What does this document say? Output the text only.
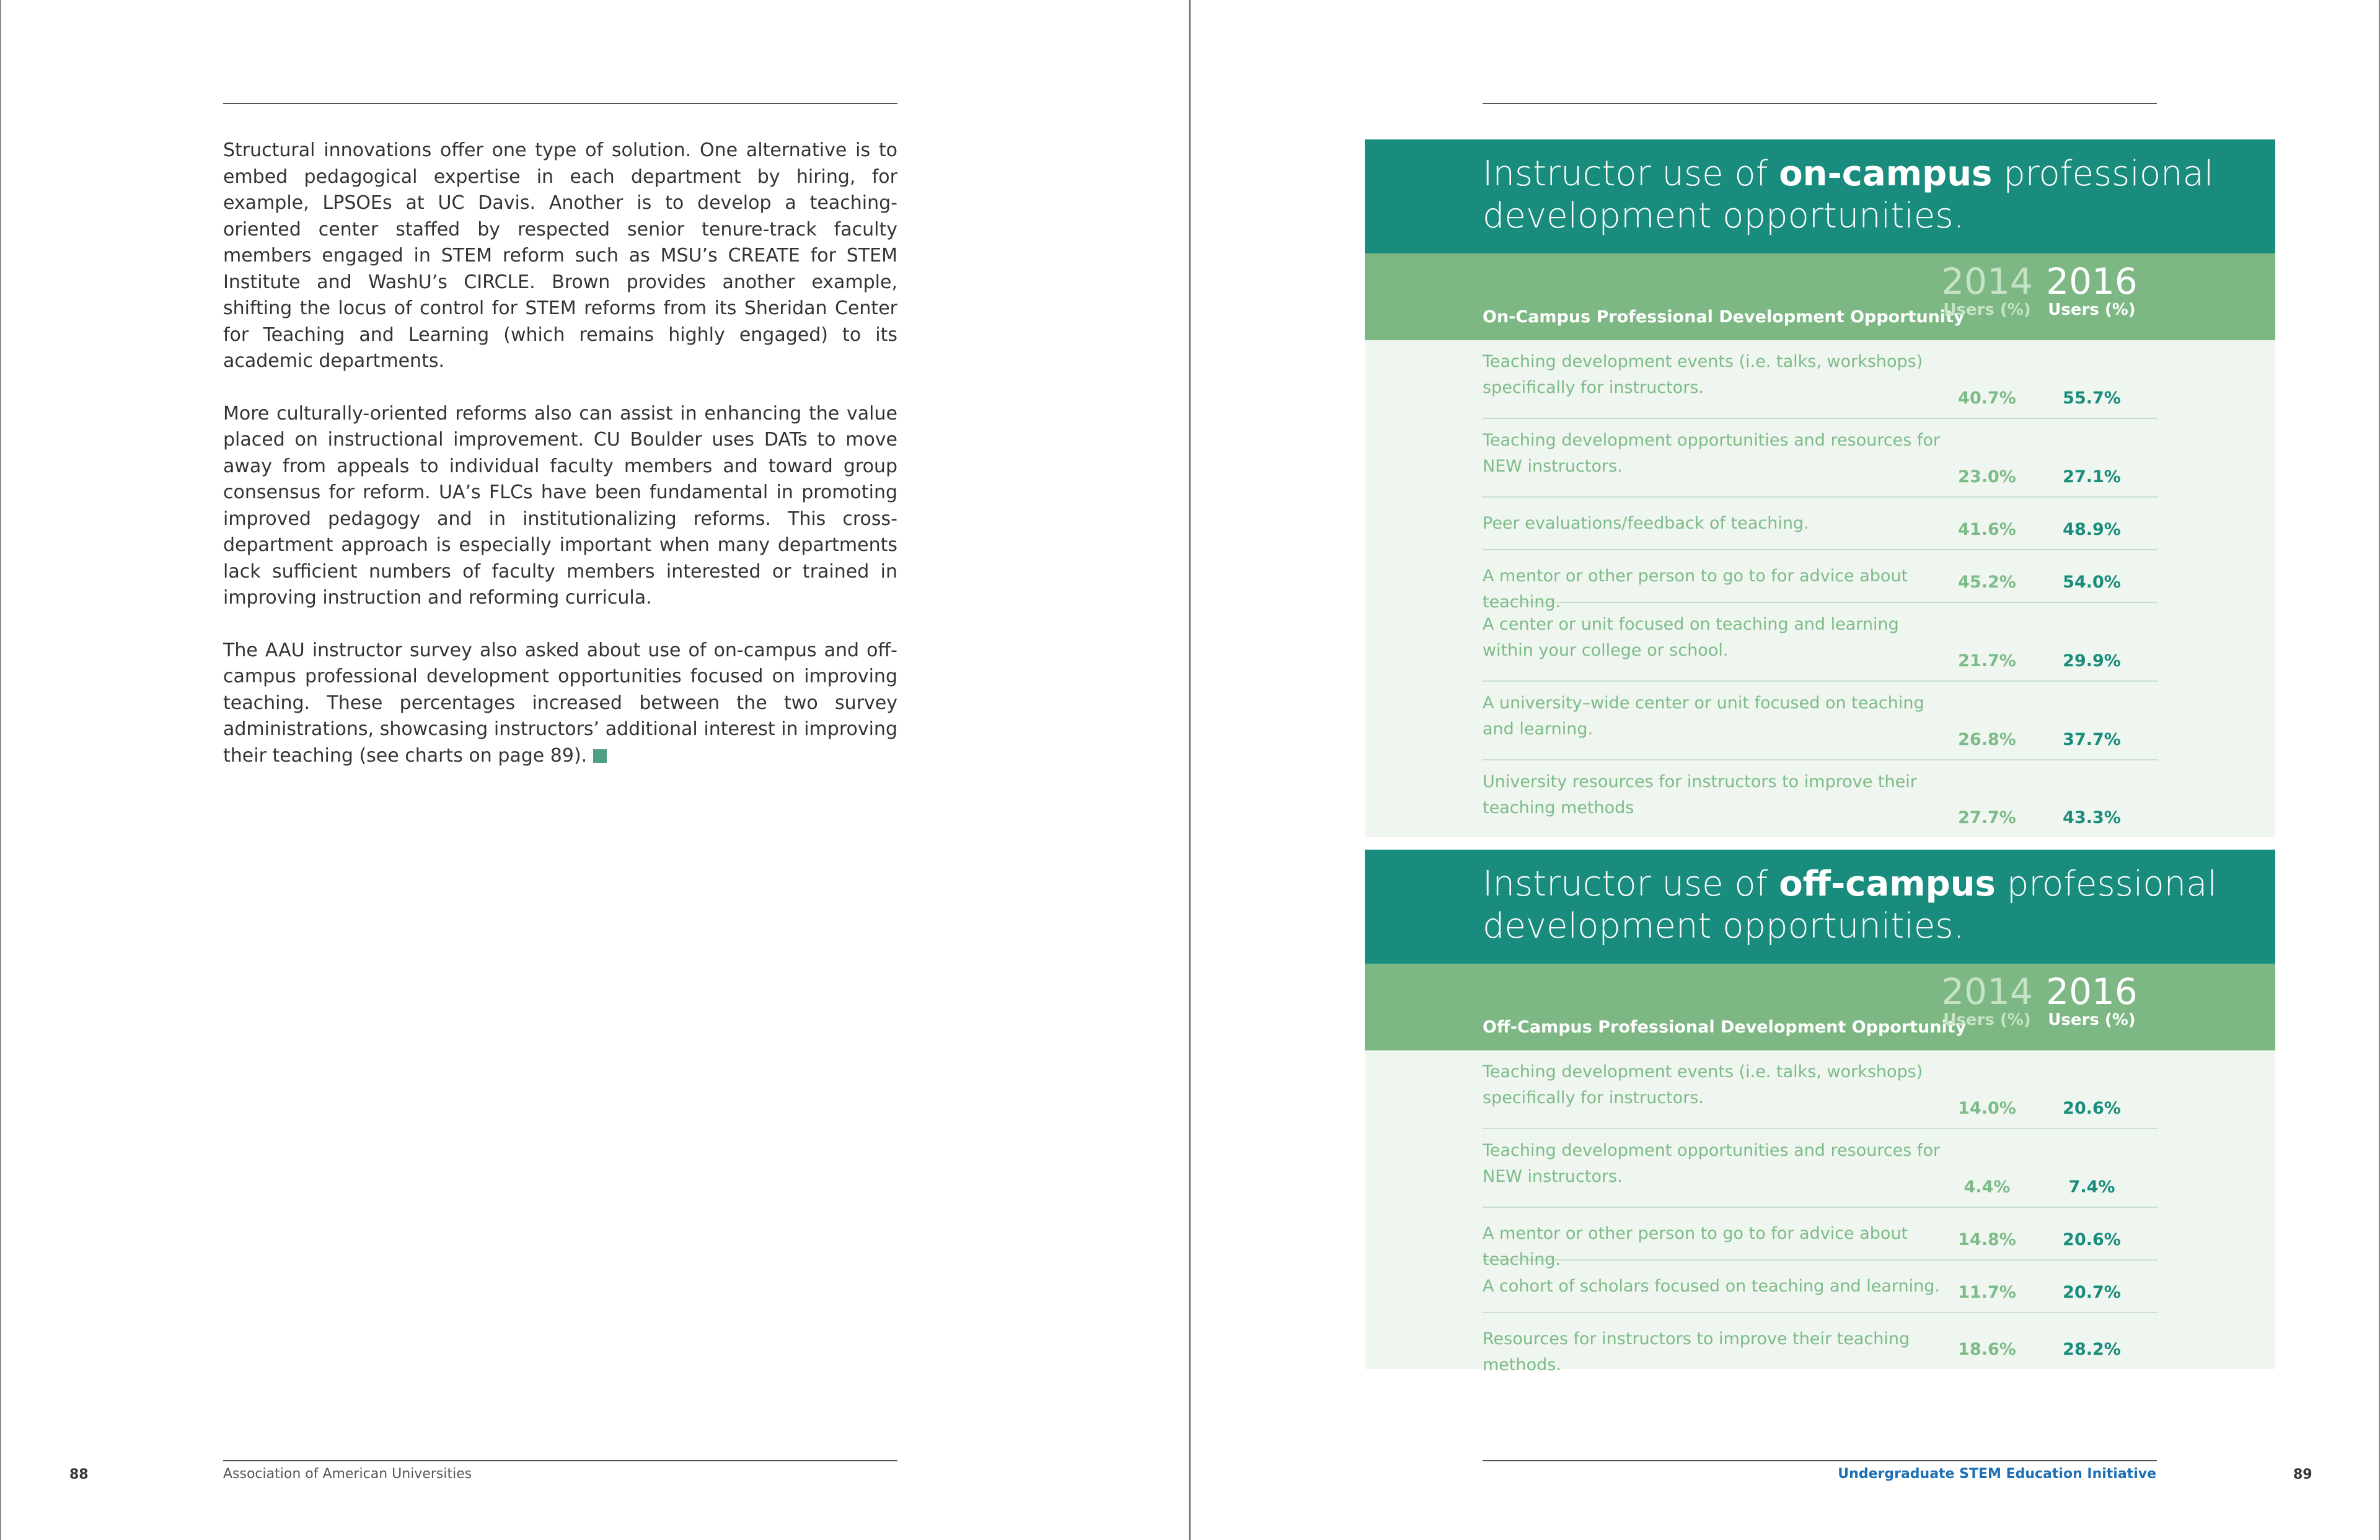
Structural innovations offer one type of solution. One alternative is to embed pedagogical expertise in each department by hiring, for example, LPSOEs at UC Davis. Another is to develop a teaching-oriented center staffed by respected senior tenure-track faculty members engaged in STEM reform such as MSU’s CREATE for STEM Institute and WashU’s CIRCLE. Brown provides another example, shifting the locus of control for STEM reforms from its Sheridan Center for Teaching and Learning (which remains highly engaged) to its academic departments.

More culturally-oriented reforms also can assist in enhancing the value placed on instructional improvement. CU Boulder uses DATs to move away from appeals to individual faculty members and toward group consensus for reform. UA’s FLCs have been fundamental in promoting improved pedagogy and in institutionalizing reforms. This cross-department approach is especially important when many departments lack sufficient numbers of faculty members interested or trained in improving instruction and reforming curricula.

The AAU instructor survey also asked about use of on-campus and off-campus professional development opportunities focused on improving teaching. These percentages increased between the two survey administrations, showcasing instructors’ additional interest in improving their teaching (see charts on page 89).

88	Association of American Universities
Instructor use of on-campus professional development opportunities.
On-Campus Professional Development Opportunity
2014
Users (%)
2016
Users (%)
Teaching development events (i.e. talks, workshops) specifically for instructors.
40.7%	55.7%
Teaching development opportunities and resources for NEW instructors.
23.0%	27.1%
Peer evaluations/feedback of teaching.	41.6%	48.9%
A mentor or other person to go to for advice about teaching.
45.2%	54.0%
A center or unit focused on teaching and learning within your college or school.
21.7%	29.9%
A university–wide center or unit focused on teaching and learning.
26.8%	37.7%
University resources for instructors to improve their teaching methods
27.7%	43.3%
Instructor use of off-campus professional development opportunities.
Off-Campus Professional Development Opportunity
2014
Users (%)
2016
Users (%)
Teaching development events (i.e. talks, workshops) specifically for instructors.
14.0%	20.6%
Teaching development opportunities and resources for NEW instructors.
4.4%	7.4%
A mentor or other person to go to for advice about teaching.
14.8%	20.6%
A cohort of scholars focused on teaching and learning.	11.7%	20.7%
Resources for instructors to improve their teaching methods.
18.6%	28.2%
Undergraduate STEM Education Initiative	89
